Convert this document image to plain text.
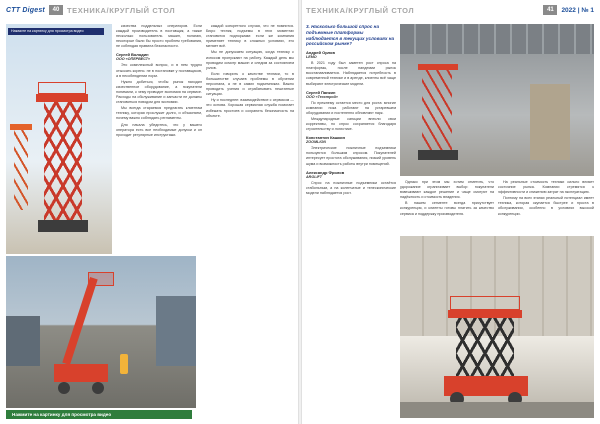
CTT Digest	40	ТЕХНИКА/КРУГЛЫЙ СТОЛ	ТЕХНИКА/КРУГЛЫЙ СТОЛ	41	2022 | № 1
Нажмите на картинку для просмотра видео
Нажмите на картинку для просмотра видео

качества поддельных операторов. Если каждый производитель в поставщик, а также несколько пользователь машин, полагаю, некоторые были бы просто проблем требования, не соблюдая правила безопасности.

Сергей Володин
ООО «ОПЕРВЕСТ»

Это комплексный вопрос, и в нем трудно отыскать корень: не в постановке у поставщиков, а в несоблюдении норм.

Нужно добиться, чтобы рынок находил качественное оборудование, а покупатели понимали, к чему приводит экономия на сервисе. Расходы на обслуживание и запчасти не должны становиться поводом для экономии.

Мы всегда стараемся предлагать клиентам технику, которая прослужит долго, и объясняем, почему важно соблюдать регламенты.

Для начала убедитесь, что у вашего оператора есть все необходимые допуски и он проходит регулярные инструктажи.

каждой конкретного случая, что не помнится. Бюро техник, подъемы в этих моментах становятся подпорками: если же компания применяет технику в сложных условиях, это меняет всё.

Мы не допускаем ситуацию, когда технику с износом пропускают на работу. Каждый день мы проводим осмотр машин и следим за состоянием узлов.

Если говорить о качестве техники, то в большинстве случаев проблемы в обучении персонала, а не в самих подъемниках. Важно проводить учения и отрабатывать нештатные ситуации.

Ну и последнее: взаимодействие с сервисом — это основа. Хорошая сервисная служба помогает избежать простоев и сохранить безопасность на объекте.

3. Насколько большой спрос на подъемные платформы наблюдается в текущих условиях на российском рынке?
Андрей Орлов
LEMO

В 2021 году был заметен рост спроса на платформы, после пандемии рынок восстанавливается. Наблюдается потребность в современной технике и в аренде, клиенты всё чаще выбирают электрические модели.

Сергей Панкин
ООО «Техстрой»

По прежнему остается место для роста: многие компании пока работают на устаревшем оборудовании и постепенно обновляют парк.

Международные санкции внесли свои коррективы, но спрос сохраняется благодаря строительству и логистике.

Константин Кашкин
ZOOMLION

Электрические ножничные подъемники пользуются большим спросом. Покупателей интересует простота обслуживания, низкий уровень шума и возможность работы внутри помещений.

Александр Фролов
ARGLIFT

Спрос на ножничные подъемники остаётся стабильным, а на коленчатые и телескопические модели наблюдается рост.

Однако при этом мы хотим отметить, что удорожание ограничивает выбор: покупатели взвешивают каждое решение и чаще смотрят на надёжность и стоимость владения.

В нашем сегменте всегда присутствует конкуренция, и клиенты готовы платить за качество сервиса и поддержку производителя.

На реальные стоимость техники сильно влияет состояние рынка. Компании стремятся к эффективности и снижению затрат на эксплуатацию.

Поэтому на всех этапах реальный потенциал имеет техника, которая окупается быстрее и проста в обслуживании, особенно в условиях высокой конкуренции.
